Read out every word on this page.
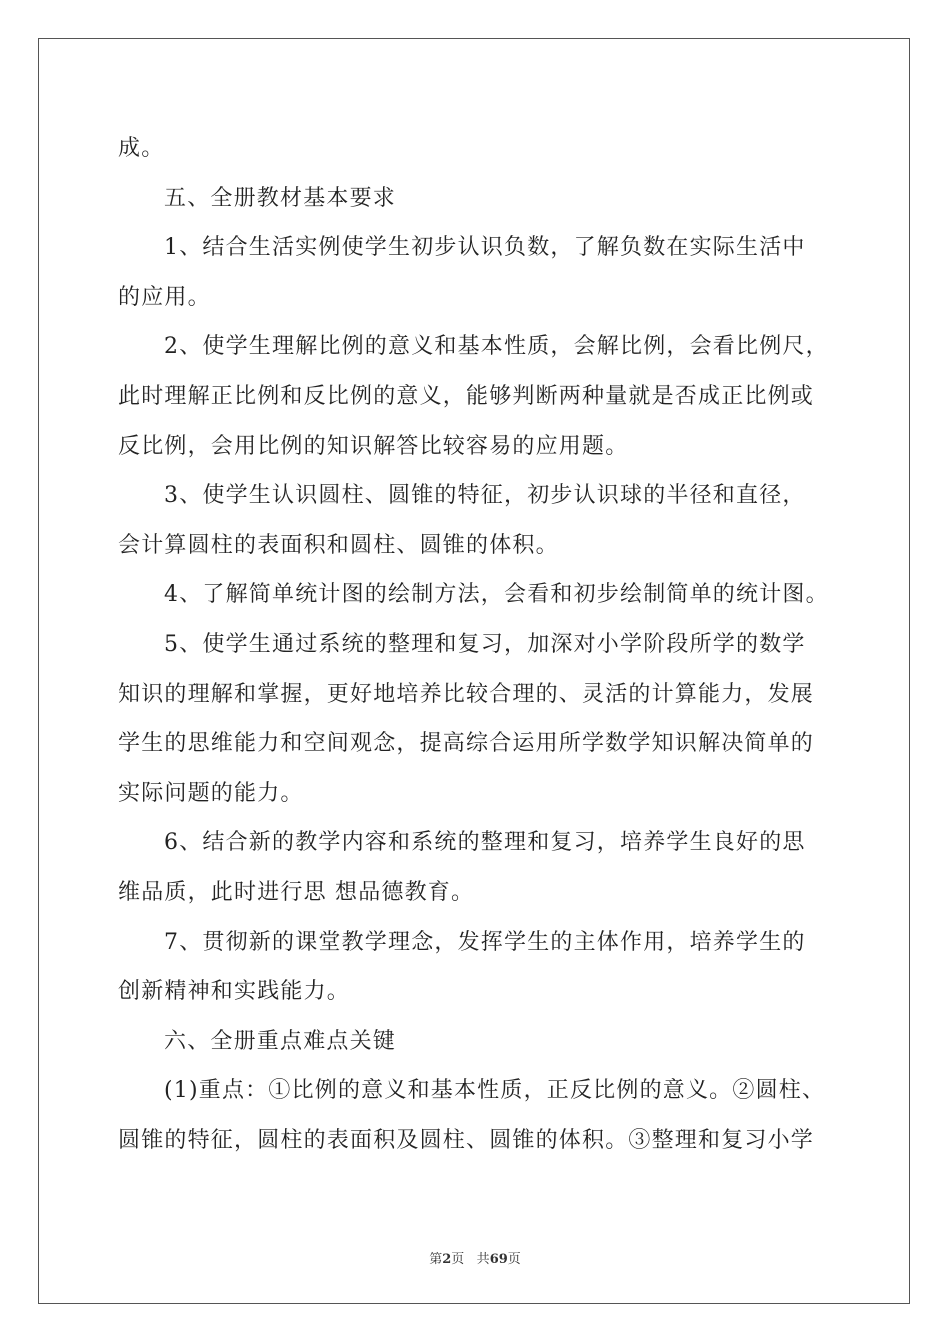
成。
五、全册教材基本要求
1、结合生活实例使学生初步认识负数，了解负数在实际生活中
的应用。
2、使学生理解比例的意义和基本性质，会解比例，会看比例尺，
此时理解正比例和反比例的意义，能够判断两种量就是否成正比例或
反比例，会用比例的知识解答比较容易的应用题。
3、使学生认识圆柱、圆锥的特征，初步认识球的半径和直径，
会计算圆柱的表面积和圆柱、圆锥的体积。
4、了解简单统计图的绘制方法，会看和初步绘制简单的统计图。
5、使学生通过系统的整理和复习，加深对小学阶段所学的数学
知识的理解和掌握，更好地培养比较合理的、灵活的计算能力，发展
学生的思维能力和空间观念，提高综合运用所学数学知识解决简单的
实际问题的能力。
6、结合新的教学内容和系统的整理和复习，培养学生良好的思
维品质，此时进行思 想品德教育。
7、贯彻新的课堂教学理念，发挥学生的主体作用，培养学生的
创新精神和实践能力。
六、全册重点难点关键
(1)重点：①比例的意义和基本性质，正反比例的意义。②圆柱、
圆锥的特征，圆柱的表面积及圆柱、圆锥的体积。③整理和复习小学
第2页 共69页
